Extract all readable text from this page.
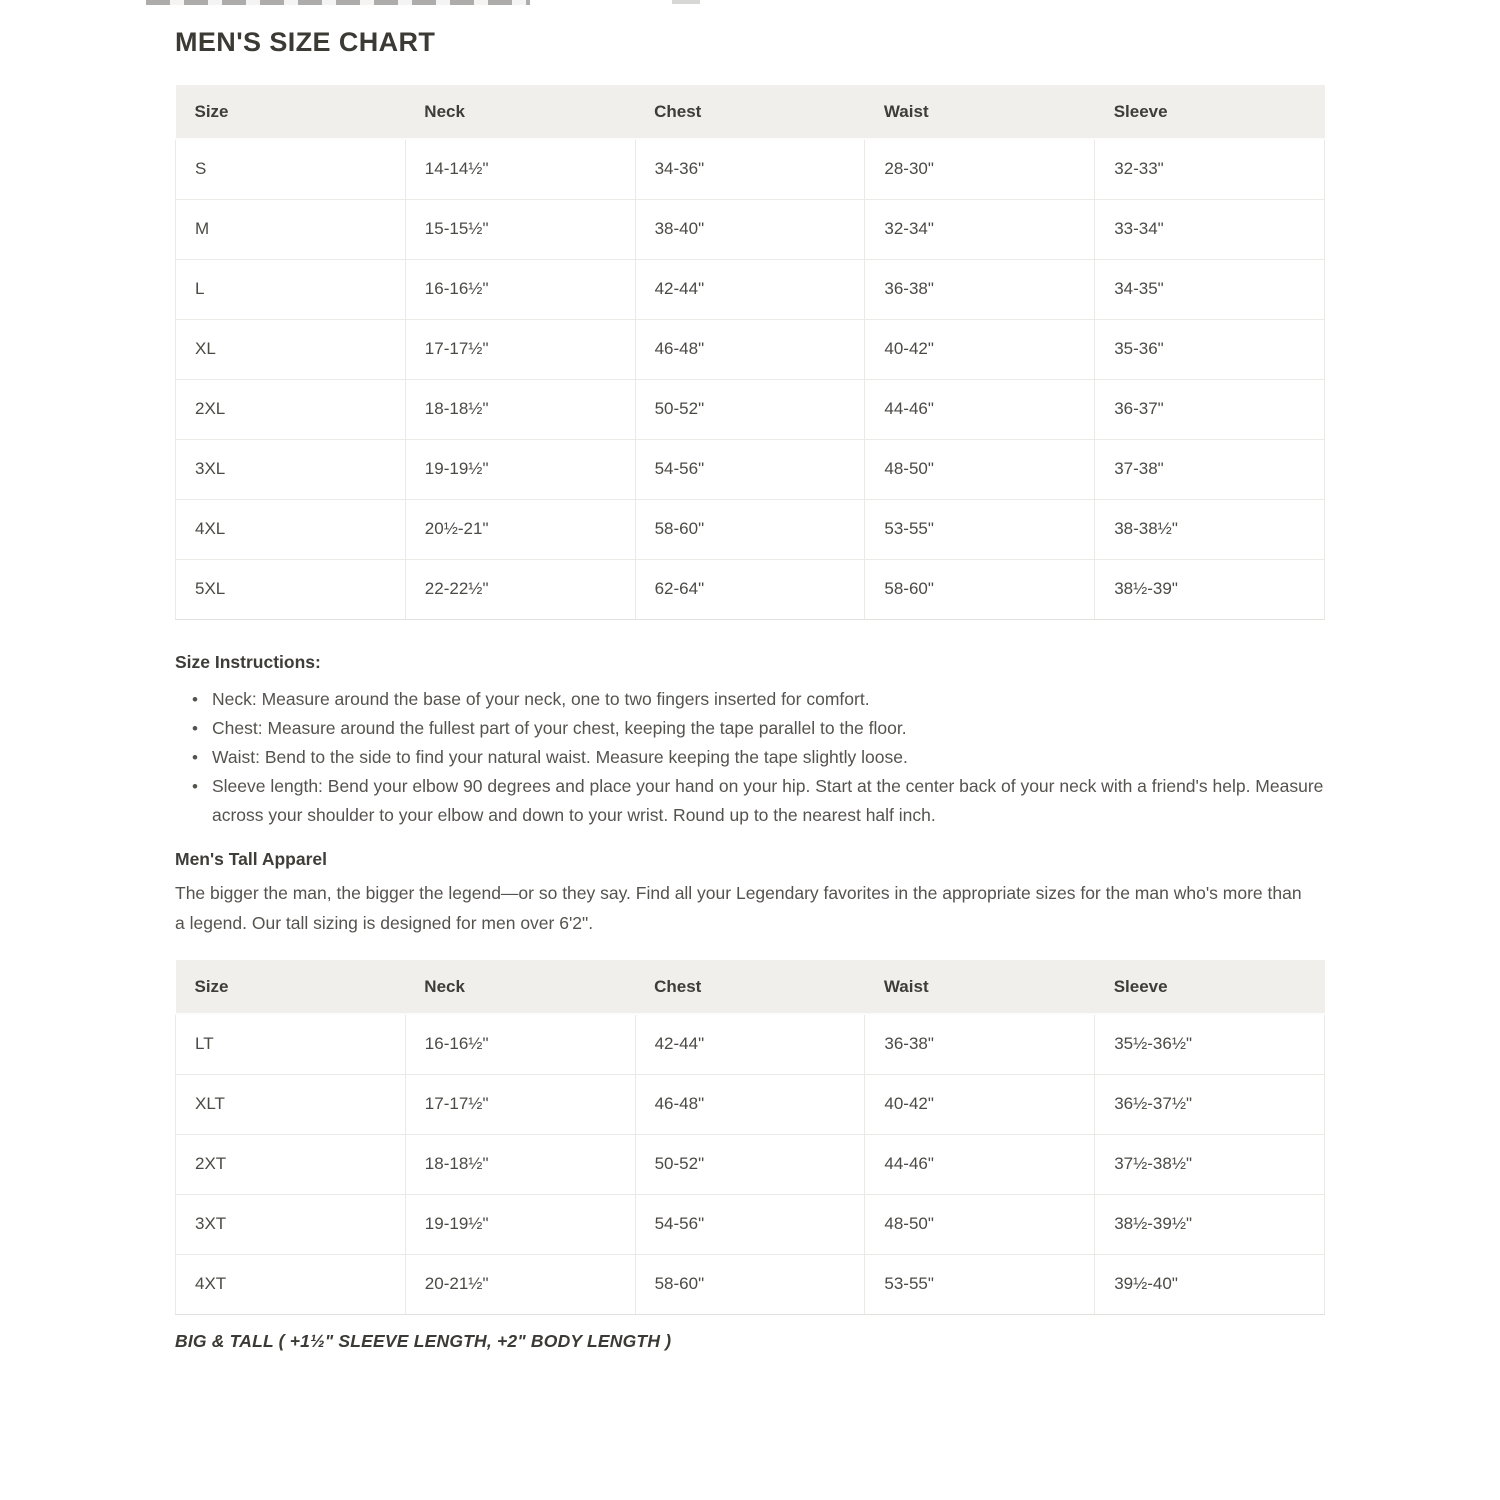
MEN'S SIZE CHART
Size	Neck	Chest	Waist	Sleeve
S	14-14½"	34-36"	28-30"	32-33"
M	15-15½"	38-40"	32-34"	33-34"
L	16-16½"	42-44"	36-38"	34-35"
XL	17-17½"	46-48"	40-42"	35-36"
2XL	18-18½"	50-52"	44-46"	36-37"
3XL	19-19½"	54-56"	48-50"	37-38"
4XL	20½-21"	58-60"	53-55"	38-38½"
5XL	22-22½"	62-64"	58-60"	38½-39"
Size Instructions:
• Neck: Measure around the base of your neck, one to two fingers inserted for comfort.
• Chest: Measure around the fullest part of your chest, keeping the tape parallel to the floor.
• Waist: Bend to the side to find your natural waist. Measure keeping the tape slightly loose.
• Sleeve length: Bend your elbow 90 degrees and place your hand on your hip. Start at the center back of your neck with a friend's help. Measure across your shoulder to your elbow and down to your wrist. Round up to the nearest half inch.
Men's Tall Apparel

The bigger the man, the bigger the legend—or so they say. Find all your Legendary favorites in the appropriate sizes for the man who's more than a legend. Our tall sizing is designed for men over 6'2".

Size	Neck	Chest	Waist	Sleeve
LT	16-16½"	42-44"	36-38"	35½-36½"
XLT	17-17½"	46-48"	40-42"	36½-37½"
2XT	18-18½"	50-52"	44-46"	37½-38½"
3XT	19-19½"	54-56"	48-50"	38½-39½"
4XT	20-21½"	58-60"	53-55"	39½-40"

BIG & TALL ( +1½" SLEEVE LENGTH, +2" BODY LENGTH )
